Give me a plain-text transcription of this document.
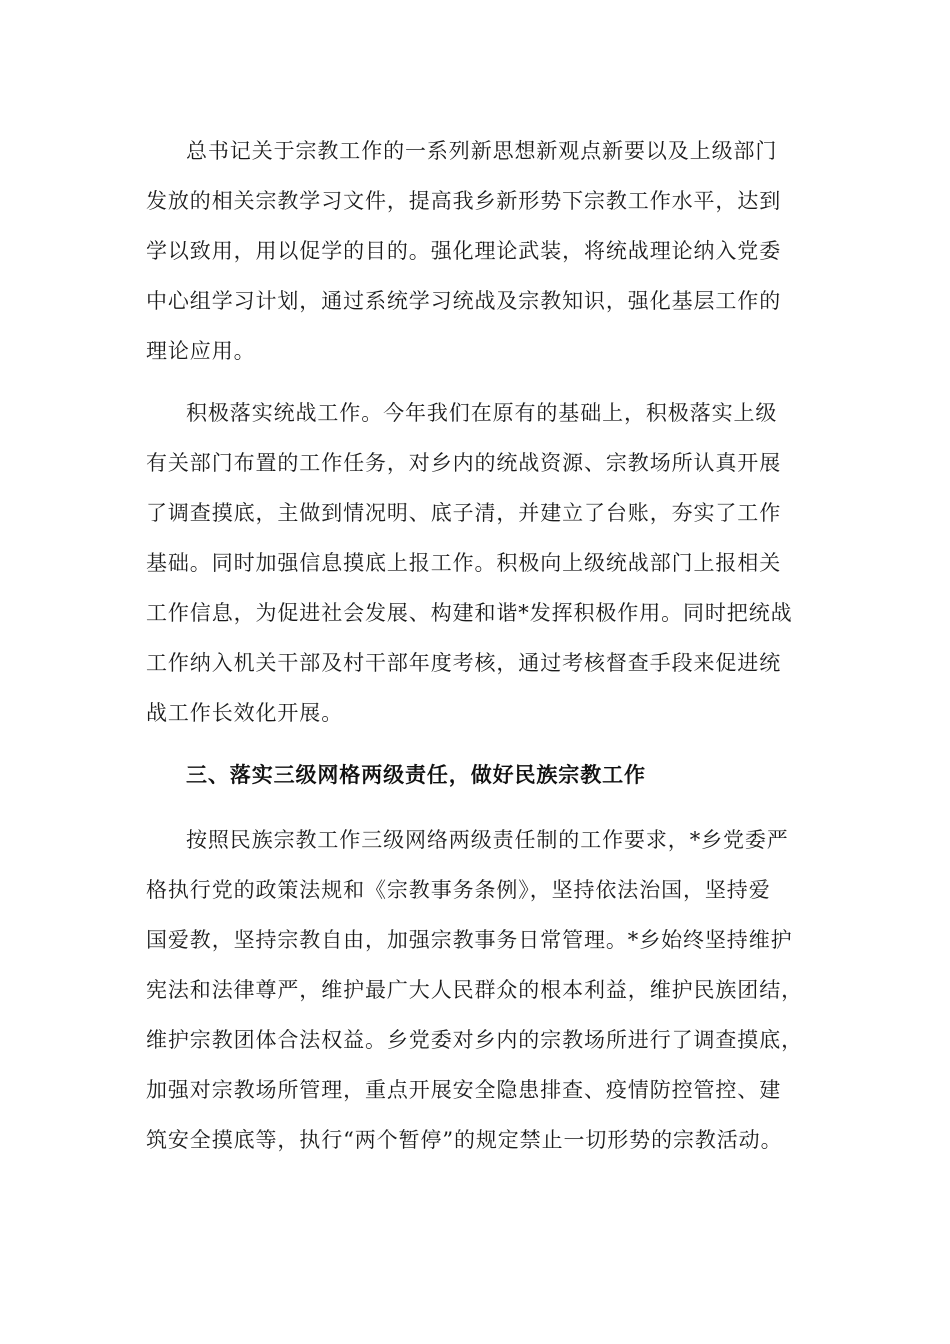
总书记关于宗教工作的一系列新思想新观点新要以及上级部门
发放的相关宗教学习文件，提高我乡新形势下宗教工作水平，达到
学以致用，用以促学的目的。强化理论武装，将统战理论纳入党委
中心组学习计划，通过系统学习统战及宗教知识，强化基层工作的
理论应用。
积极落实统战工作。今年我们在原有的基础上，积极落实上级
有关部门布置的工作任务，对乡内的统战资源、宗教场所认真开展
了调查摸底，主做到情况明、底子清，并建立了台账，夯实了工作
基础。同时加强信息摸底上报工作。积极向上级统战部门上报相关
工作信息，为促进社会发展、构建和谐*发挥积极作用。同时把统战
工作纳入机关干部及村干部年度考核，通过考核督查手段来促进统
战工作长效化开展。
三、落实三级网格两级责任，做好民族宗教工作
按照民族宗教工作三级网络两级责任制的工作要求，*乡党委严
格执行党的政策法规和《宗教事务条例》，坚持依法治国，坚持爱
国爱教，坚持宗教自由，加强宗教事务日常管理。*乡始终坚持维护
宪法和法律尊严，维护最广大人民群众的根本利益，维护民族团结，
维护宗教团体合法权益。乡党委对乡内的宗教场所进行了调查摸底，
加强对宗教场所管理，重点开展安全隐患排查、疫情防控管控、建
筑安全摸底等，执行“两个暂停”的规定禁止一切形势的宗教活动。
